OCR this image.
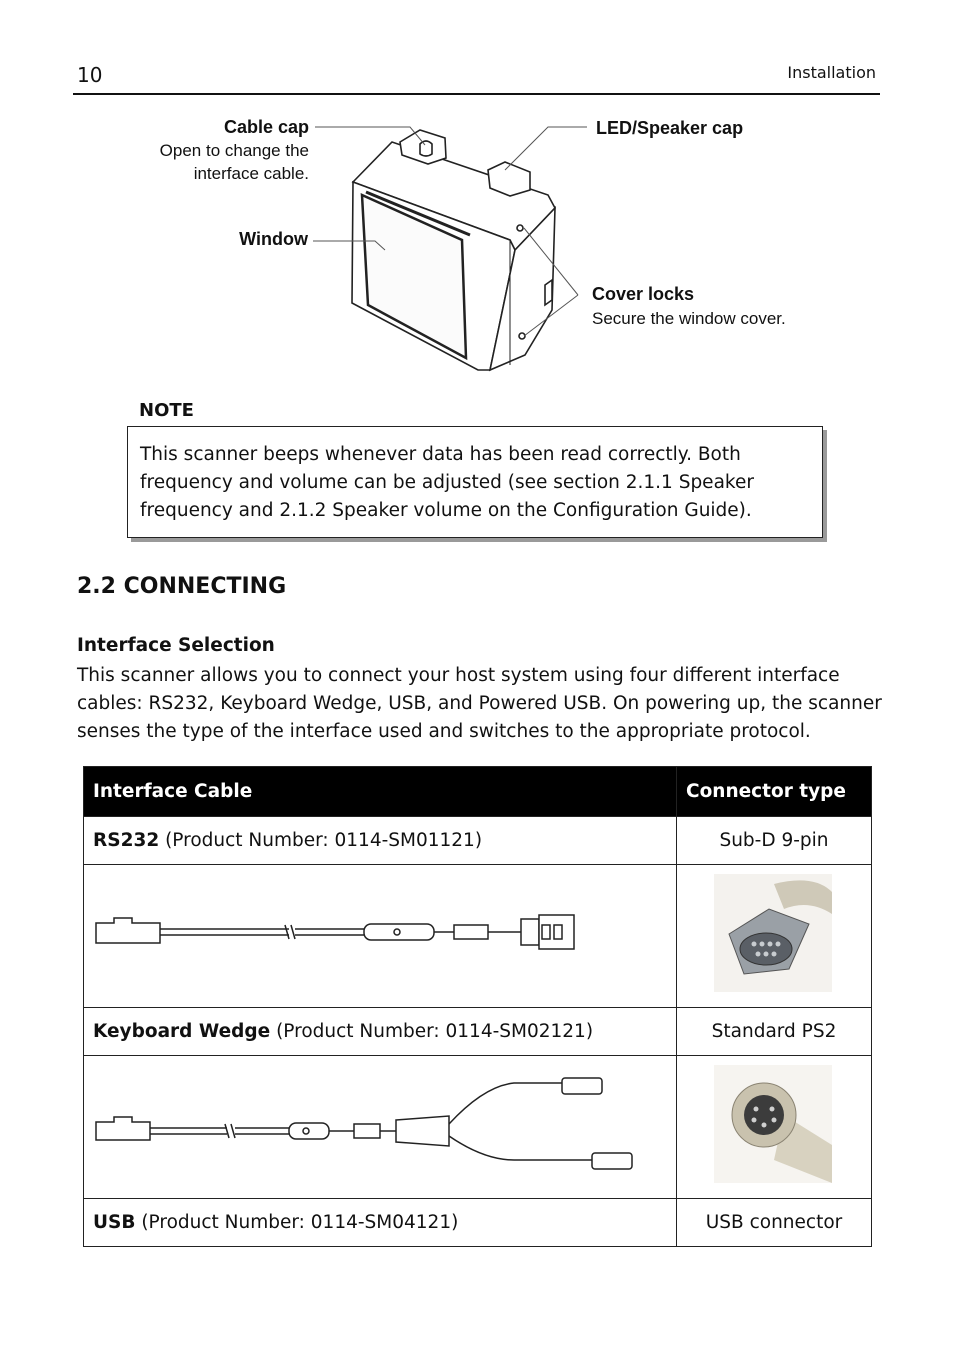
10	Installation
Cable cap
Open to change the
interface cable.
Window
LED/Speaker cap
Cover locks
Secure the window cover.
NOTE
This scanner beeps whenever data has been read correctly. Both
frequency and volume can be adjusted (see section 2.1.1 Speaker
frequency and 2.1.2 Speaker volume on the Configuration Guide).
2.2 CONNECTING
Interface Selection
This scanner allows you to connect your host system using four different interface
cables: RS232, Keyboard Wedge, USB, and Powered USB. On powering up, the scanner
senses the type of the interface used and switches to the appropriate protocol.
Interface Cable	Connector type
RS232 (Product Number: 0114-SM01121)	Sub-D 9-pin

Keyboard Wedge (Product Number: 0114-SM02121)	Standard PS2

USB (Product Number: 0114-SM04121)	USB connector
